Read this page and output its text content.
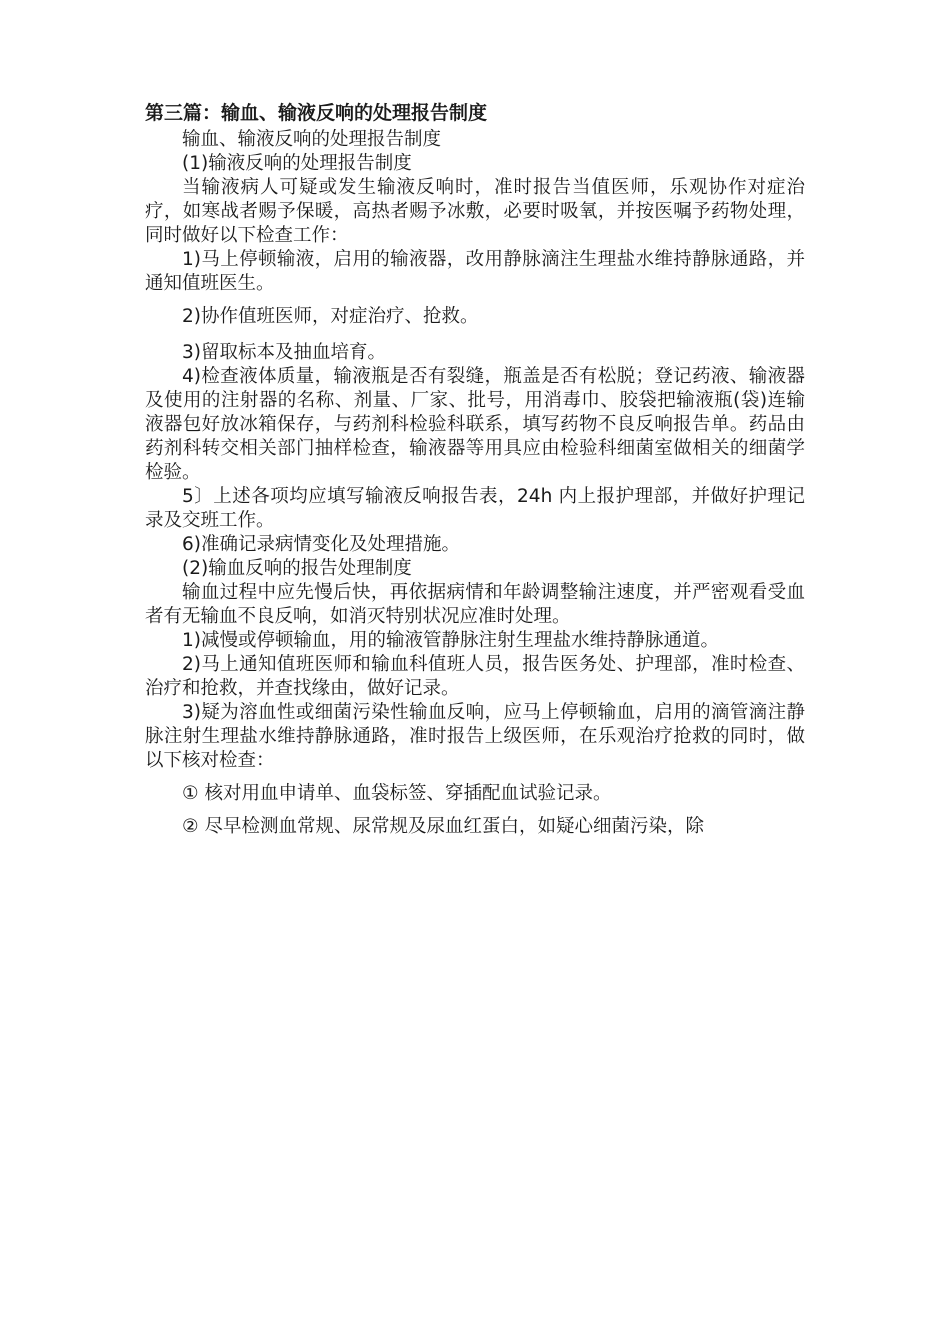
第三篇：输血、输液反响的处理报告制度

输血、输液反响的处理报告制度

(1)输液反响的处理报告制度

当输液病人可疑或发生输液反响时，准时报告当值医师，乐观协作对症治疗，如寒战者赐予保暖，高热者赐予冰敷，必要时吸氧，并按医嘱予药物处理，同时做好以下检查工作：

1)马上停顿输液，启用的输液器，改用静脉滴注生理盐水维持静脉通路，并通知值班医生。

2)协作值班医师，对症治疗、抢救。

3)留取标本及抽血培育。

4)检查液体质量，输液瓶是否有裂缝，瓶盖是否有松脱；登记药液、输液器及使用的注射器的名称、剂量、厂家、批号，用消毒巾、胶袋把输液瓶(袋)连输液器包好放冰箱保存，与药剂科检验科联系，填写药物不良反响报告单。药品由药剂科转交相关部门抽样检查，输液器等用具应由检验科细菌室做相关的细菌学检验。

5〕上述各项均应填写输液反响报告表，24h 内上报护理部，并做好护理记录及交班工作。

6)准确记录病情变化及处理措施。

(2)输血反响的报告处理制度

输血过程中应先慢后快，再依据病情和年龄调整输注速度，并严密观看受血者有无输血不良反响，如消灭特别状况应准时处理。

1)减慢或停顿输血，用的输液管静脉注射生理盐水维持静脉通道。

2)马上通知值班医师和输血科值班人员，报告医务处、护理部，准时检查、治疗和抢救，并查找缘由，做好记录。

3)疑为溶血性或细菌污染性输血反响，应马上停顿输血，启用的滴管滴注静脉注射生理盐水维持静脉通路，准时报告上级医师，在乐观治疗抢救的同时，做以下核对检查：

① 核对用血申请单、血袋标签、穿插配血试验记录。

② 尽早检测血常规、尿常规及尿血红蛋白，如疑心细菌污染，除
